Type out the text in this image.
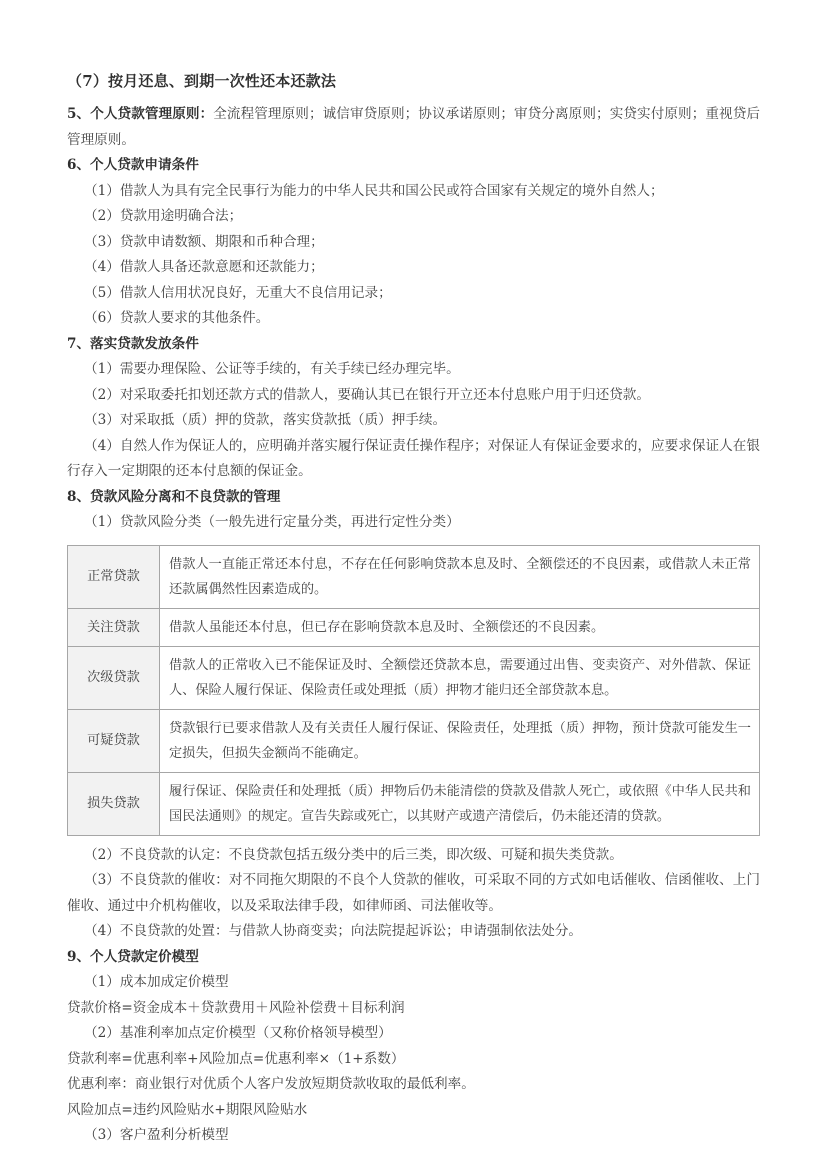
（7）按月还息、到期一次性还本还款法

5、个人贷款管理原则：全流程管理原则；诚信审贷原则；协议承诺原则；审贷分离原则；实贷实付原则；重视贷后管理原则。

6、个人贷款申请条件

（1）借款人为具有完全民事行为能力的中华人民共和国公民或符合国家有关规定的境外自然人；

（2）贷款用途明确合法；

（3）贷款申请数额、期限和币种合理；

（4）借款人具备还款意愿和还款能力；

（5）借款人信用状况良好，无重大不良信用记录；

（6）贷款人要求的其他条件。

7、落实贷款发放条件

（1）需要办理保险、公证等手续的，有关手续已经办理完毕。

（2）对采取委托扣划还款方式的借款人，要确认其已在银行开立还本付息账户用于归还贷款。

（3）对采取抵（质）押的贷款，落实贷款抵（质）押手续。

（4）自然人作为保证人的，应明确并落实履行保证责任操作程序；对保证人有保证金要求的，应要求保证人在银行存入一定期限的还本付息额的保证金。

8、贷款风险分离和不良贷款的管理

（1）贷款风险分类（一般先进行定量分类，再进行定性分类）

正常贷款	借款人一直能正常还本付息，不存在任何影响贷款本息及时、全额偿还的不良因素，或借款人未正常还款属偶然性因素造成的。
关注贷款	借款人虽能还本付息，但已存在影响贷款本息及时、全额偿还的不良因素。
次级贷款	借款人的正常收入已不能保证及时、全额偿还贷款本息，需要通过出售、变卖资产、对外借款、保证人、保险人履行保证、保险责任或处理抵（质）押物才能归还全部贷款本息。
可疑贷款	贷款银行已要求借款人及有关责任人履行保证、保险责任，处理抵（质）押物，预计贷款可能发生一定损失，但损失金额尚不能确定。
损失贷款	履行保证、保险责任和处理抵（质）押物后仍未能清偿的贷款及借款人死亡，或依照《中华人民共和国民法通则》的规定。宣告失踪或死亡，以其财产或遗产清偿后，仍未能还清的贷款。

（2）不良贷款的认定：不良贷款包括五级分类中的后三类，即次级、可疑和损失类贷款。

（3）不良贷款的催收：对不同拖欠期限的不良个人贷款的催收，可采取不同的方式如电话催收、信函催收、上门催收、通过中介机构催收，以及采取法律手段，如律师函、司法催收等。

（4）不良贷款的处置：与借款人协商变卖；向法院提起诉讼；申请强制依法处分。

9、个人贷款定价模型

（1）成本加成定价模型

贷款价格=资金成本＋贷款费用＋风险补偿费＋目标利润

（2）基准利率加点定价模型（又称价格领导模型）

贷款利率=优惠利率+风险加点=优惠利率×（1+系数）

优惠利率：商业银行对优质个人客户发放短期贷款收取的最低利率。

风险加点=违约风险贴水+期限风险贴水

（3）客户盈利分析模型
